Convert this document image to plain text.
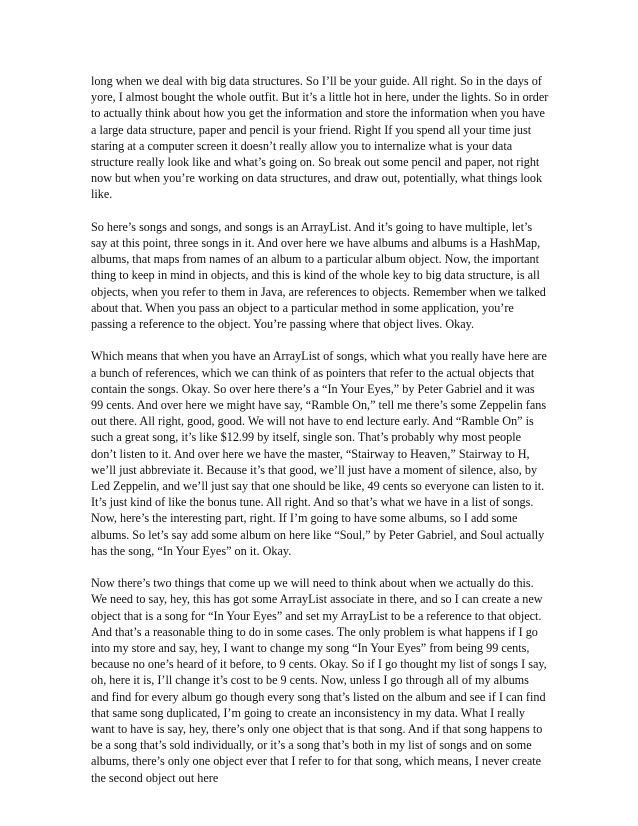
long when we deal with big data structures. So I’ll be your guide. All right. So in the days of yore, I almost bought the whole outfit. But it’s a little hot in here, under the lights. So in order to actually think about how you get the information and store the information when you have a large data structure, paper and pencil is your friend. Right If you spend all your time just staring at a computer screen it doesn’t really allow you to internalize what is your data structure really look like and what’s going on. So break out some pencil and paper, not right now but when you’re working on data structures, and draw out, potentially, what things look like.

So here’s songs and songs, and songs is an ArrayList. And it’s going to have multiple, let’s say at this point, three songs in it. And over here we have albums and albums is a HashMap, albums, that maps from names of an album to a particular album object. Now, the important thing to keep in mind in objects, and this is kind of the whole key to big data structure, is all objects, when you refer to them in Java, are references to objects. Remember when we talked about that. When you pass an object to a particular method in some application, you’re passing a reference to the object. You’re passing where that object lives. Okay.

Which means that when you have an ArrayList of songs, which what you really have here are a bunch of references, which we can think of as pointers that refer to the actual objects that contain the songs. Okay. So over here there’s a “In Your Eyes,” by Peter Gabriel and it was 99 cents. And over here we might have say, “Ramble On,” tell me there’s some Zeppelin fans out there. All right, good, good. We will not have to end lecture early. And “Ramble On” is such a great song, it’s like $12.99 by itself, single son. That’s probably why most people don’t listen to it. And over here we have the master, “Stairway to Heaven,” Stairway to H, we’ll just abbreviate it. Because it’s that good, we’ll just have a moment of silence, also, by Led Zeppelin, and we’ll just say that one should be like, 49 cents so everyone can listen to it. It’s just kind of like the bonus tune. All right. And so that’s what we have in a list of songs. Now, here’s the interesting part, right. If I’m going to have some albums, so I add some albums. So let’s say add some album on here like “Soul,” by Peter Gabriel, and Soul actually has the song, “In Your Eyes” on it. Okay.

Now there’s two things that come up we will need to think about when we actually do this. We need to say, hey, this has got some ArrayList associate in there, and so I can create a new object that is a song for “In Your Eyes” and set my ArrayList to be a reference to that object. And that’s a reasonable thing to do in some cases. The only problem is what happens if I go into my store and say, hey, I want to change my song “In Your Eyes” from being 99 cents, because no one’s heard of it before, to 9 cents. Okay. So if I go thought my list of songs I say, oh, here it is, I’ll change it’s cost to be 9 cents. Now, unless I go through all of my albums and find for every album go though every song that’s listed on the album and see if I can find that same song duplicated, I’m going to create an inconsistency in my data. What I really want to have is say, hey, there’s only one object that is that song. And if that song happens to be a song that’s sold individually, or it’s a song that’s both in my list of songs and on some albums, there’s only one object ever that I refer to for that song, which means, I never create the second object out here
